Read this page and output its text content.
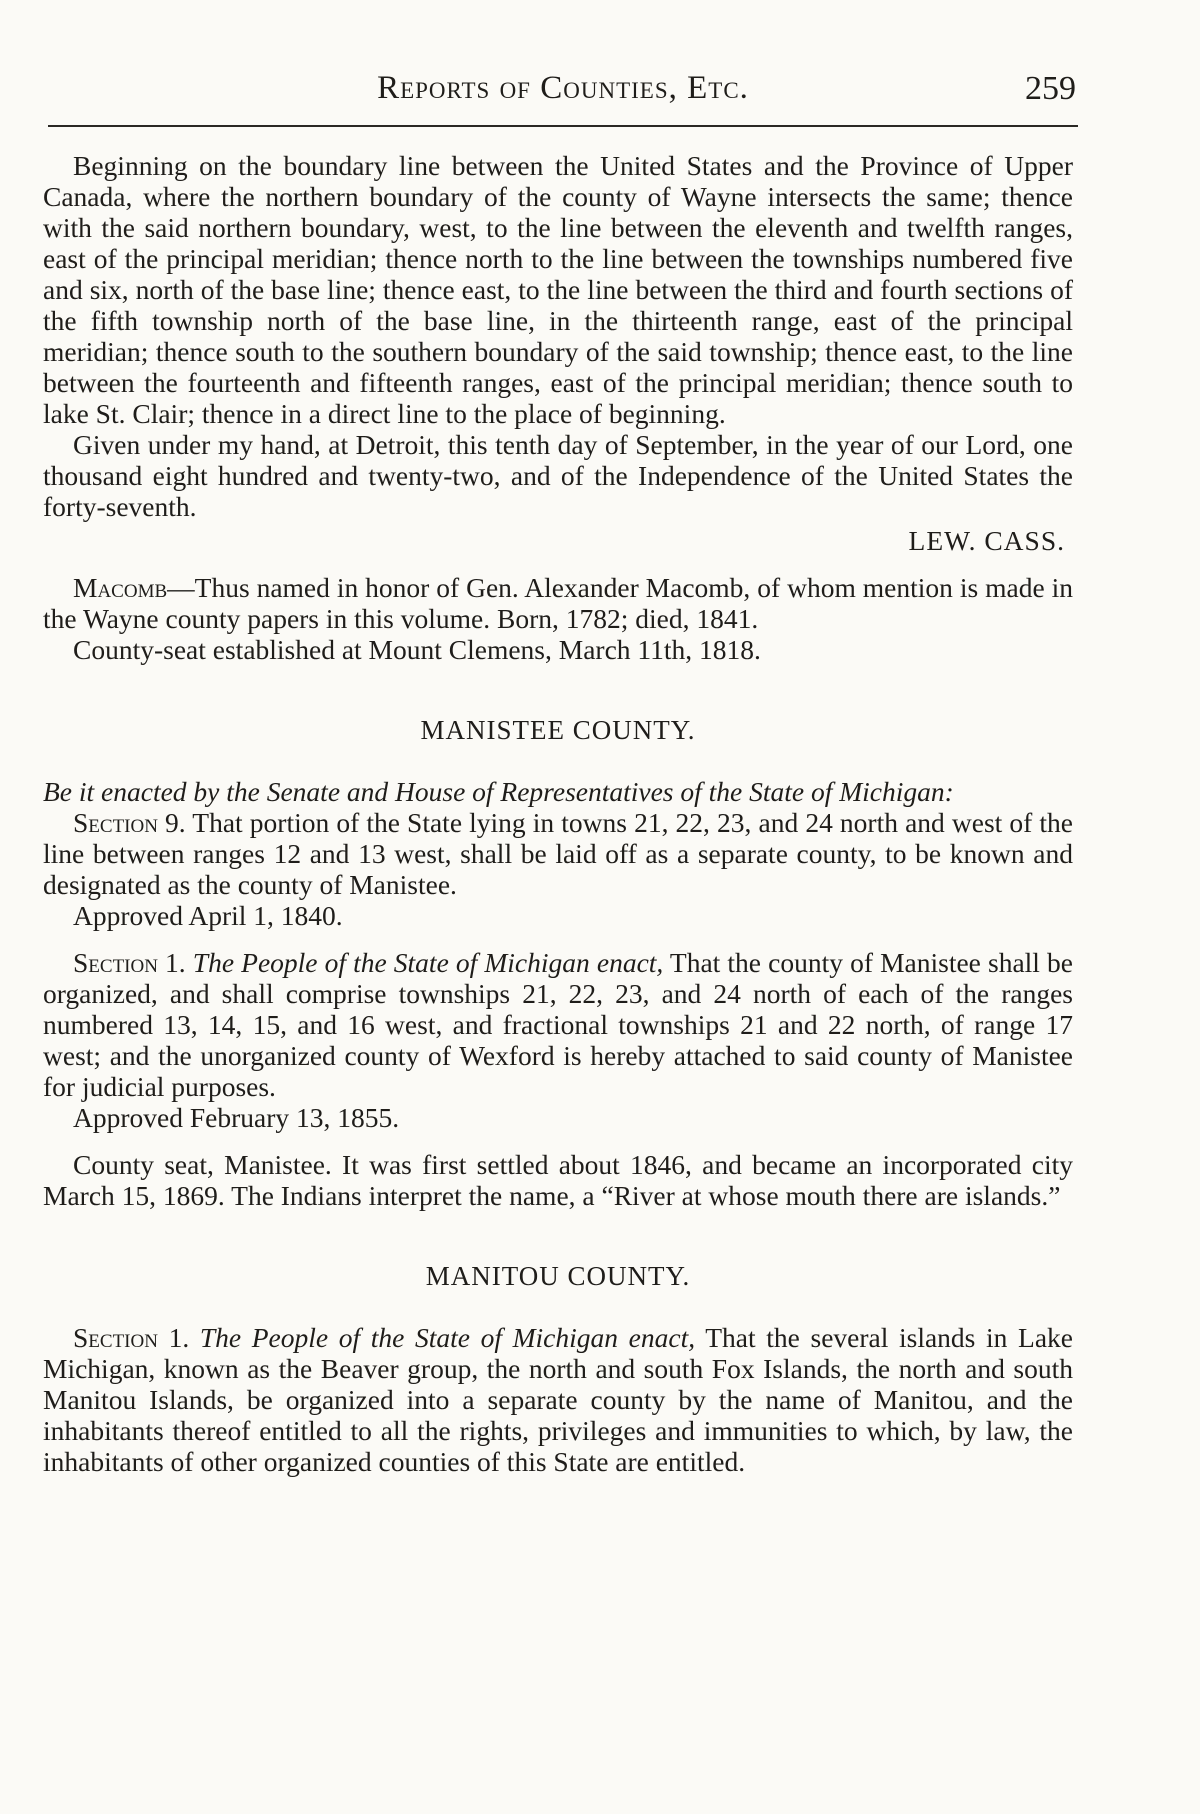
Reports of Counties, Etc.	259

Beginning on the boundary line between the United States and the Province of Upper Canada, where the northern boundary of the county of Wayne intersects the same; thence with the said northern boundary, west, to the line between the eleventh and twelfth ranges, east of the principal meridian; thence north to the line between the townships numbered five and six, north of the base line; thence east, to the line between the third and fourth sections of the fifth township north of the base line, in the thirteenth range, east of the principal meridian; thence south to the southern boundary of the said township; thence east, to the line between the fourteenth and fifteenth ranges, east of the principal meridian; thence south to lake St. Clair; thence in a direct line to the place of beginning.

Given under my hand, at Detroit, this tenth day of September, in the year of our Lord, one thousand eight hundred and twenty-two, and of the Independence of the United States the forty-seventh.

LEW. CASS.

Macomb—Thus named in honor of Gen. Alexander Macomb, of whom mention is made in the Wayne county papers in this volume. Born, 1782; died, 1841.

County-seat established at Mount Clemens, March 11th, 1818.

MANISTEE COUNTY.

Be it enacted by the Senate and House of Representatives of the State of Michigan:

Section 9. That portion of the State lying in towns 21, 22, 23, and 24 north and west of the line between ranges 12 and 13 west, shall be laid off as a separate county, to be known and designated as the county of Manistee.

Approved April 1, 1840.

Section 1. The People of the State of Michigan enact, That the county of Manistee shall be organized, and shall comprise townships 21, 22, 23, and 24 north of each of the ranges numbered 13, 14, 15, and 16 west, and fractional townships 21 and 22 north, of range 17 west; and the unorganized county of Wexford is hereby attached to said county of Manistee for judicial purposes.

Approved February 13, 1855.

County seat, Manistee. It was first settled about 1846, and became an incorporated city March 15, 1869. The Indians interpret the name, a “River at whose mouth there are islands.”

MANITOU COUNTY.

Section 1. The People of the State of Michigan enact, That the several islands in Lake Michigan, known as the Beaver group, the north and south Fox Islands, the north and south Manitou Islands, be organized into a separate county by the name of Manitou, and the inhabitants thereof entitled to all the rights, privileges and immunities to which, by law, the inhabitants of other organized counties of this State are entitled.
